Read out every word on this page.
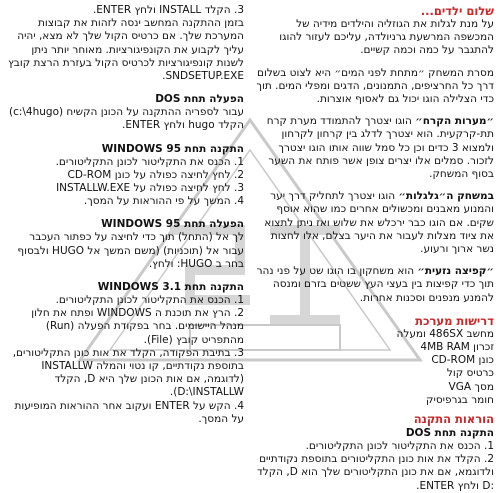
שלום ילדים...

על מנת לגלות את הגוזליה והילדים מידיה של המכשפה המרשעת גרניולדה, עליכם לעזור להוגו להתגבר על כמה וכמה קשיים.

מסרת המשחק ״מתחת לפני המים״ היא לצוט בשלום דרך כל החרציפים, התמנונים, הדגים ומפלי המים. תוך כדי הצלילה הוגו יכול גם לאסוף אוצרות.

״מערות הקרח״ הוגו יצטרך להתמודד מערת קרח תת-קרקעית. הוא יצטרך לדלג בין קרחון לקרחון ולמצוא 3 כדים וכן כל סמל שווה אותו הוגו יצטרך לזכור. סמלים אלו יצרים צופן אשר פותח את השער בסוף המשחק.

במשחק ה״גלגלות״ הוגו יצטרך לתחליק דרך יער והמנוע מאבנים ומכשולים אחרים כמו שהוא אוסף שקים. אם הוגו כבר ירכלש את שלוש ואז ניתן לתצוא את ציוד מצלות לעבור את היער בצלם, אלו לחצות נשר ארוך ורעוע.

״קפיצה נזעית״ הוא משחקון בו הוגו שט על פני נהר תוך כדי קפיצות בין בעצי העץ ששטים בזרם ומנסה להמנע מנפנים וסכנות אחרות.

דרישות מערכת

מחשב 486SX ומעלה

זכרון 4MB RAM

כונן CD-ROM

כרטיס קול

מסך VGA

חומר בגרפיסיק

הוראות התקנה

התקנה תחת DOS

1. הכנס את התקליטור לכונן התקליטורים.

2. הקלד את אות כונן התקליטורים בתוספת נקודתיים ולדוגמא, אם את כונן התקליטורים שלך הוא D, הקלד :D ולחץ ENTER.

3. הקלד INSTALL ולחץ ENTER.

בזמן ההתקנה המחשב ינסה לזהות את קבוצות המערכת שלך. אם כרטיס הקול שלך לא מצא, יהיה עליך לקבוע את הקונפיגורציות. מאוחר יותר ניתן לשנות קונפיגורציות לכרטיס הקול בעזרת הרצת קובץ SNDSETUP.EXE.

הפעלה תחת DOS

עבור לספריה ההתקנה על הכונן הקשיח (c:\4hugo) הקלד hugo ולחץ ENTER.

התקנה תחת WINDOWS 95

1. הכנס את התקליטור לכונן התקליטורים.

2. לחץ לחיצה כפולה על כונן CD-ROM

3. לחץ לחיצה כפולה על INSTALLW.EXE

4. המשך על פי ההוראות על המסך.

הפעלה תחת WINDOWS 95

לך אל (התחל) תוך כדי לחיצה על כפתור העכבר עבור אל (תוכניות) (משם המשך אל HUGO ולבסוף בחר ב HUGO: ולחץ.

התקנה תחת WINDOWS 3.1

1. הכנס את התקליטור לכונן התקליטורים.

2. הרץ את תוכנת ה WINDOWS ופתח את חלון מנהל היישומים. בחר בפקודת הפעלה (Run) מהתפריט קובץ (File).

3. בתיבת הפקודה, הקלד את אות כונן התקליטורים, בתוספת נקודתיים, קו נטוי והמלה INSTALLW (לדוגמה, אם אות הכונן שלך היא D, הקלד D:\INSTALLW).

4. הקש על ENTER ועקוב אחר ההוראות המופיעות על המסך.
